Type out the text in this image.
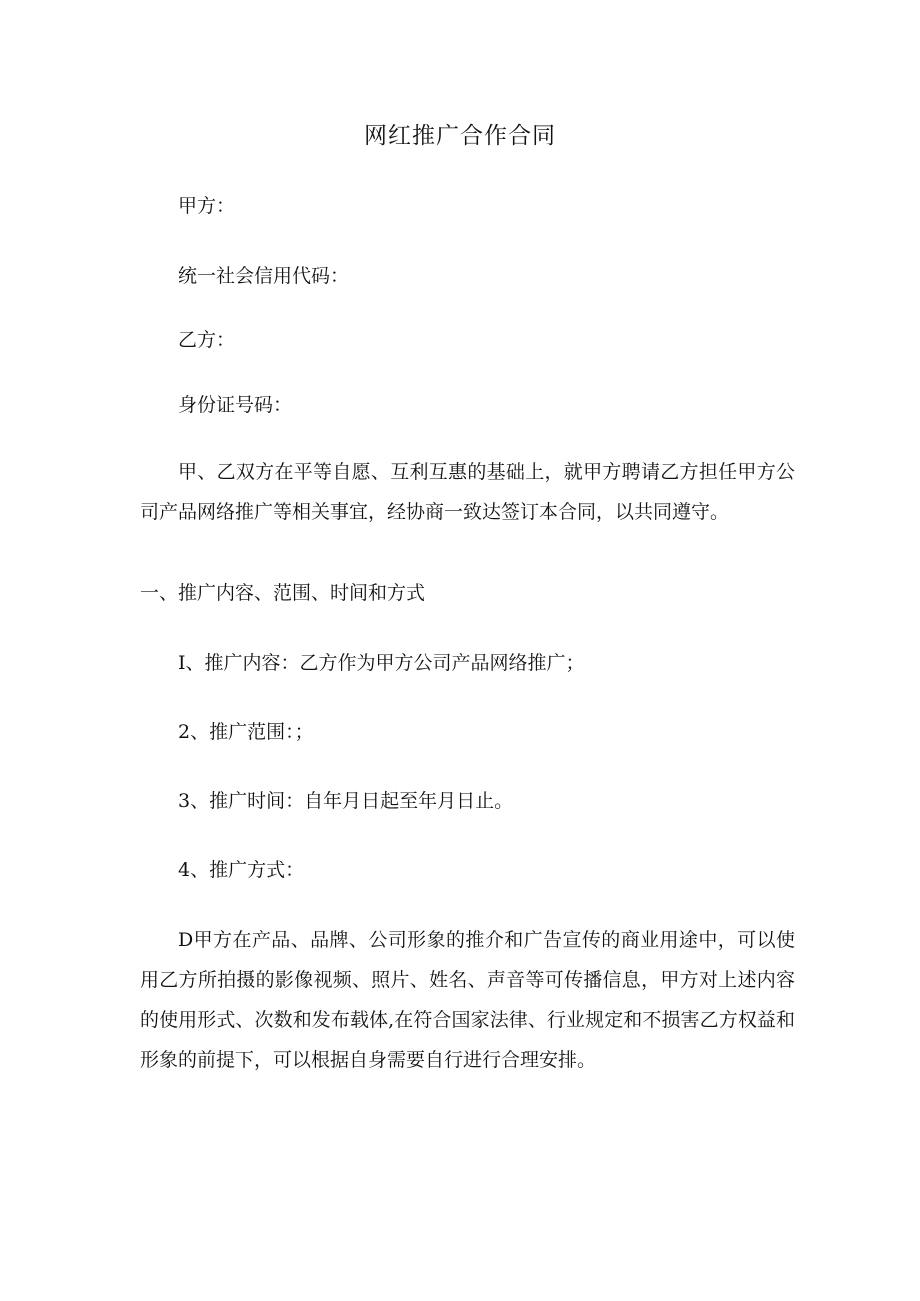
网红推广合作合同

甲方：

统一社会信用代码：

乙方：

身份证号码：

甲、乙双方在平等自愿、互利互惠的基础上，就甲方聘请乙方担任甲方公司产品网络推广等相关事宜，经协商一致达签订本合同，以共同遵守。

一、推广内容、范围、时间和方式

I、推广内容：乙方作为甲方公司产品网络推广；

2、推广范围：；

3、推广时间：自年月日起至年月日止。

4、推广方式：

D甲方在产品、品牌、公司形象的推介和广告宣传的商业用途中，可以使用乙方所拍摄的影像视频、照片、姓名、声音等可传播信息，甲方对上述内容的使用形式、次数和发布载体,在符合国家法律、行业规定和不损害乙方权益和形象的前提下，可以根据自身需要自行进行合理安排。
